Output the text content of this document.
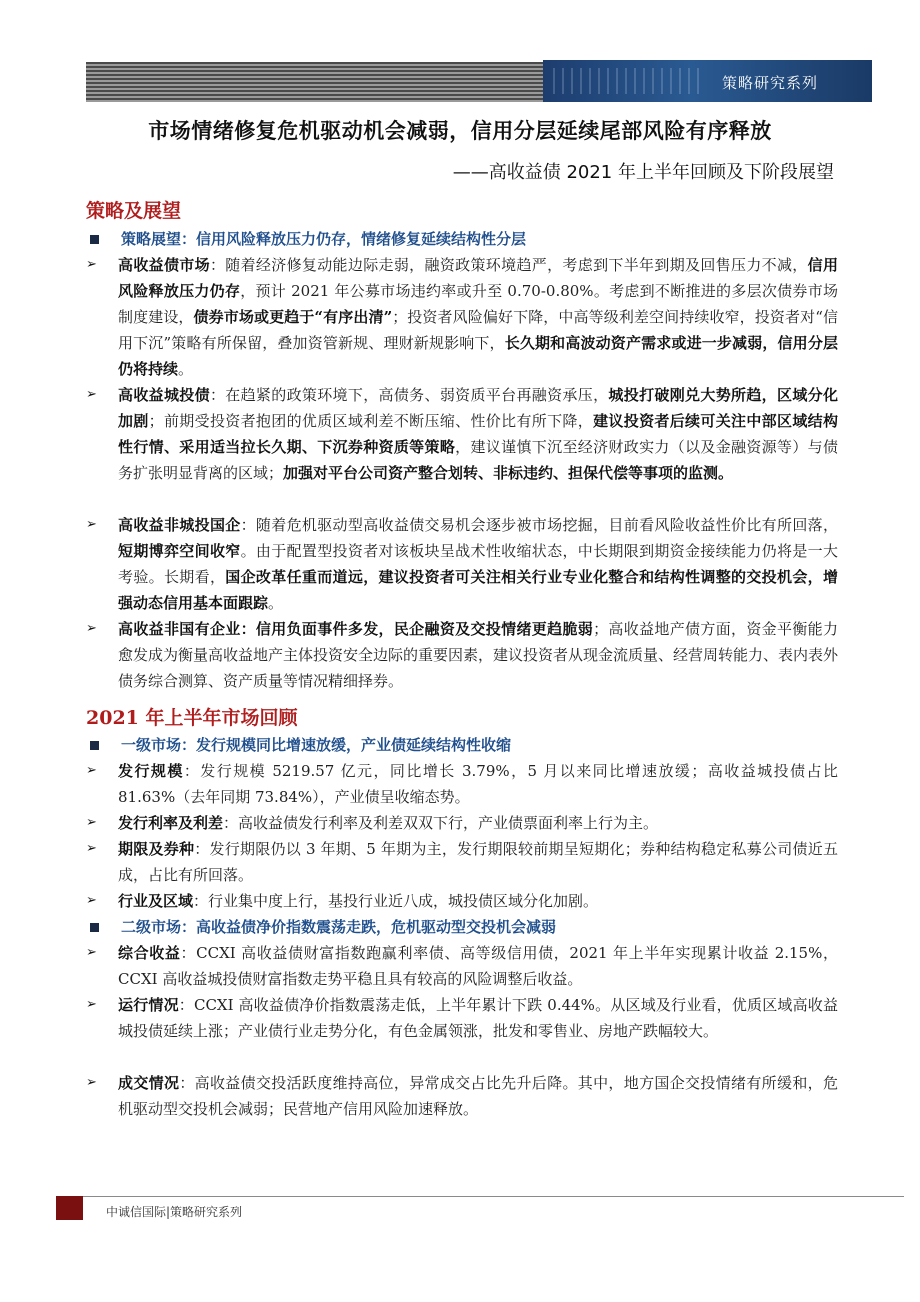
策略研究系列
市场情绪修复危机驱动机会减弱，信用分层延续尾部风险有序释放
——高收益债 2021 年上半年回顾及下阶段展望
策略及展望
策略展望：信用风险释放压力仍存，情绪修复延续结构性分层
➢	高收益债市场：随着经济修复动能边际走弱，融资政策环境趋严，考虑到下半年到期及回售压力不减，信用风险释放压力仍存，预计 2021 年公募市场违约率或升至 0.70-0.80%。考虑到不断推进的多层次债券市场制度建设，债券市场或更趋于“有序出清”；投资者风险偏好下降，中高等级利差空间持续收窄，投资者对“信用下沉”策略有所保留，叠加资管新规、理财新规影响下，长久期和高波动资产需求或进一步减弱，信用分层仍将持续。
➢	高收益城投债：在趋紧的政策环境下，高债务、弱资质平台再融资承压，城投打破刚兑大势所趋，区域分化加剧；前期受投资者抱团的优质区域利差不断压缩、性价比有所下降，建议投资者后续可关注中部区域结构性行情、采用适当拉长久期、下沉券种资质等策略，建议谨慎下沉至经济财政实力（以及金融资源等）与债务扩张明显背离的区域；加强对平台公司资产整合划转、非标违约、担保代偿等事项的监测。
➢	高收益非城投国企：随着危机驱动型高收益债交易机会逐步被市场挖掘，目前看风险收益性价比有所回落，短期博弈空间收窄。由于配置型投资者对该板块呈战术性收缩状态，中长期限到期资金接续能力仍将是一大考验。长期看，国企改革任重而道远，建议投资者可关注相关行业专业化整合和结构性调整的交投机会，增强动态信用基本面跟踪。
➢	高收益非国有企业：信用负面事件多发，民企融资及交投情绪更趋脆弱；高收益地产债方面，资金平衡能力愈发成为衡量高收益地产主体投资安全边际的重要因素，建议投资者从现金流质量、经营周转能力、表内表外债务综合测算、资产质量等情况精细择券。
2021 年上半年市场回顾
一级市场：发行规模同比增速放缓，产业债延续结构性收缩
➢	发行规模：发行规模 5219.57 亿元，同比增长 3.79%，5 月以来同比增速放缓；高收益城投债占比 81.63%（去年同期 73.84%），产业债呈收缩态势。
➢	发行利率及利差：高收益债发行利率及利差双双下行，产业债票面利率上行为主。
➢	期限及券种：发行期限仍以 3 年期、5 年期为主，发行期限较前期呈短期化；券种结构稳定私募公司债近五成，占比有所回落。
➢	行业及区域：行业集中度上行，基投行业近八成，城投债区域分化加剧。
二级市场：高收益债净价指数震荡走跌，危机驱动型交投机会减弱
➢	综合收益：CCXI 高收益债财富指数跑赢利率债、高等级信用债，2021 年上半年实现累计收益 2.15%，CCXI 高收益城投债财富指数走势平稳且具有较高的风险调整后收益。
➢	运行情况：CCXI 高收益债净价指数震荡走低，上半年累计下跌 0.44%。从区域及行业看，优质区域高收益城投债延续上涨；产业债行业走势分化，有色金属领涨，批发和零售业、房地产跌幅较大。
➢	成交情况：高收益债交投活跃度维持高位，异常成交占比先升后降。其中，地方国企交投情绪有所缓和，危机驱动型交投机会减弱；民营地产信用风险加速释放。
中诚信国际|策略研究系列
